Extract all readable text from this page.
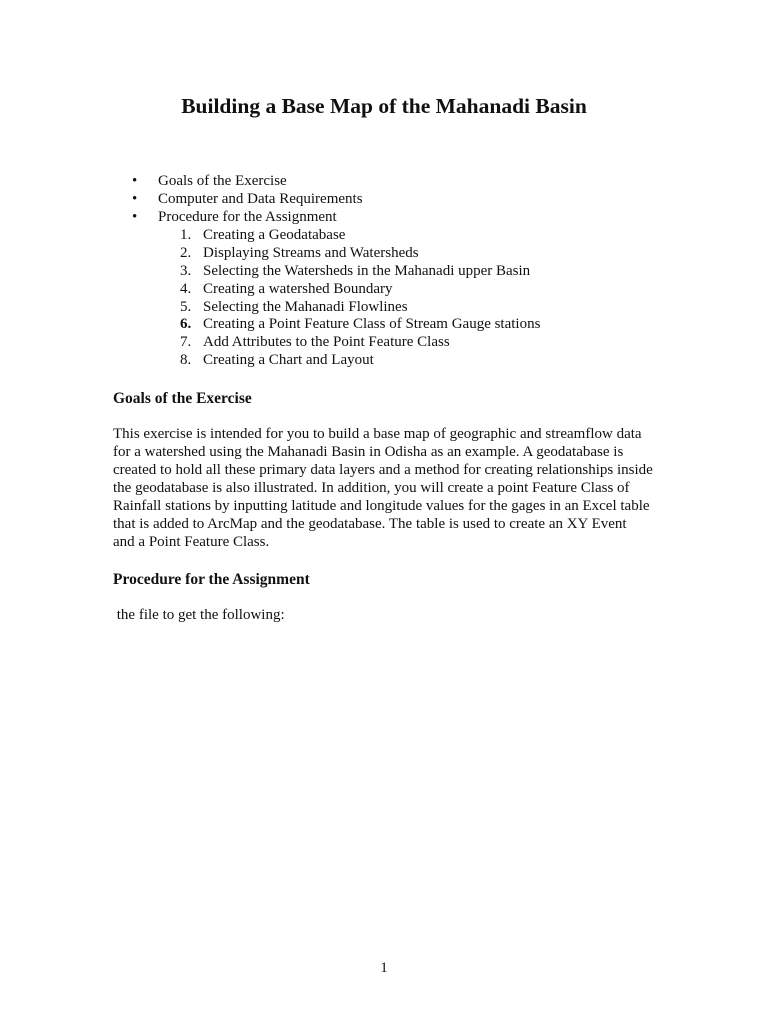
Building a Base Map of the Mahanadi Basin
•	Goals of the Exercise
•	Computer and Data Requirements
•	Procedure for the Assignment
1. Creating a Geodatabase
2. Displaying Streams and Watersheds
3. Selecting the Watersheds in the Mahanadi upper Basin
4. Creating a watershed Boundary
5. Selecting the Mahanadi Flowlines
6. Creating a Point Feature Class of Stream Gauge stations
7. Add Attributes to the Point Feature Class
8. Creating a Chart and Layout
Goals of the Exercise

This exercise is intended for you to build a base map of geographic and streamflow data
for a watershed using the Mahanadi Basin in Odisha as an example. A geodatabase is
created to hold all these primary data layers and a method for creating relationships inside
the geodatabase is also illustrated. In addition, you will create a point Feature Class of
Rainfall stations by inputting latitude and longitude values for the gages in an Excel table
that is added to ArcMap and the geodatabase. The table is used to create an XY Event
and a Point Feature Class.

Procedure for the Assignment

the file to get the following:

1
